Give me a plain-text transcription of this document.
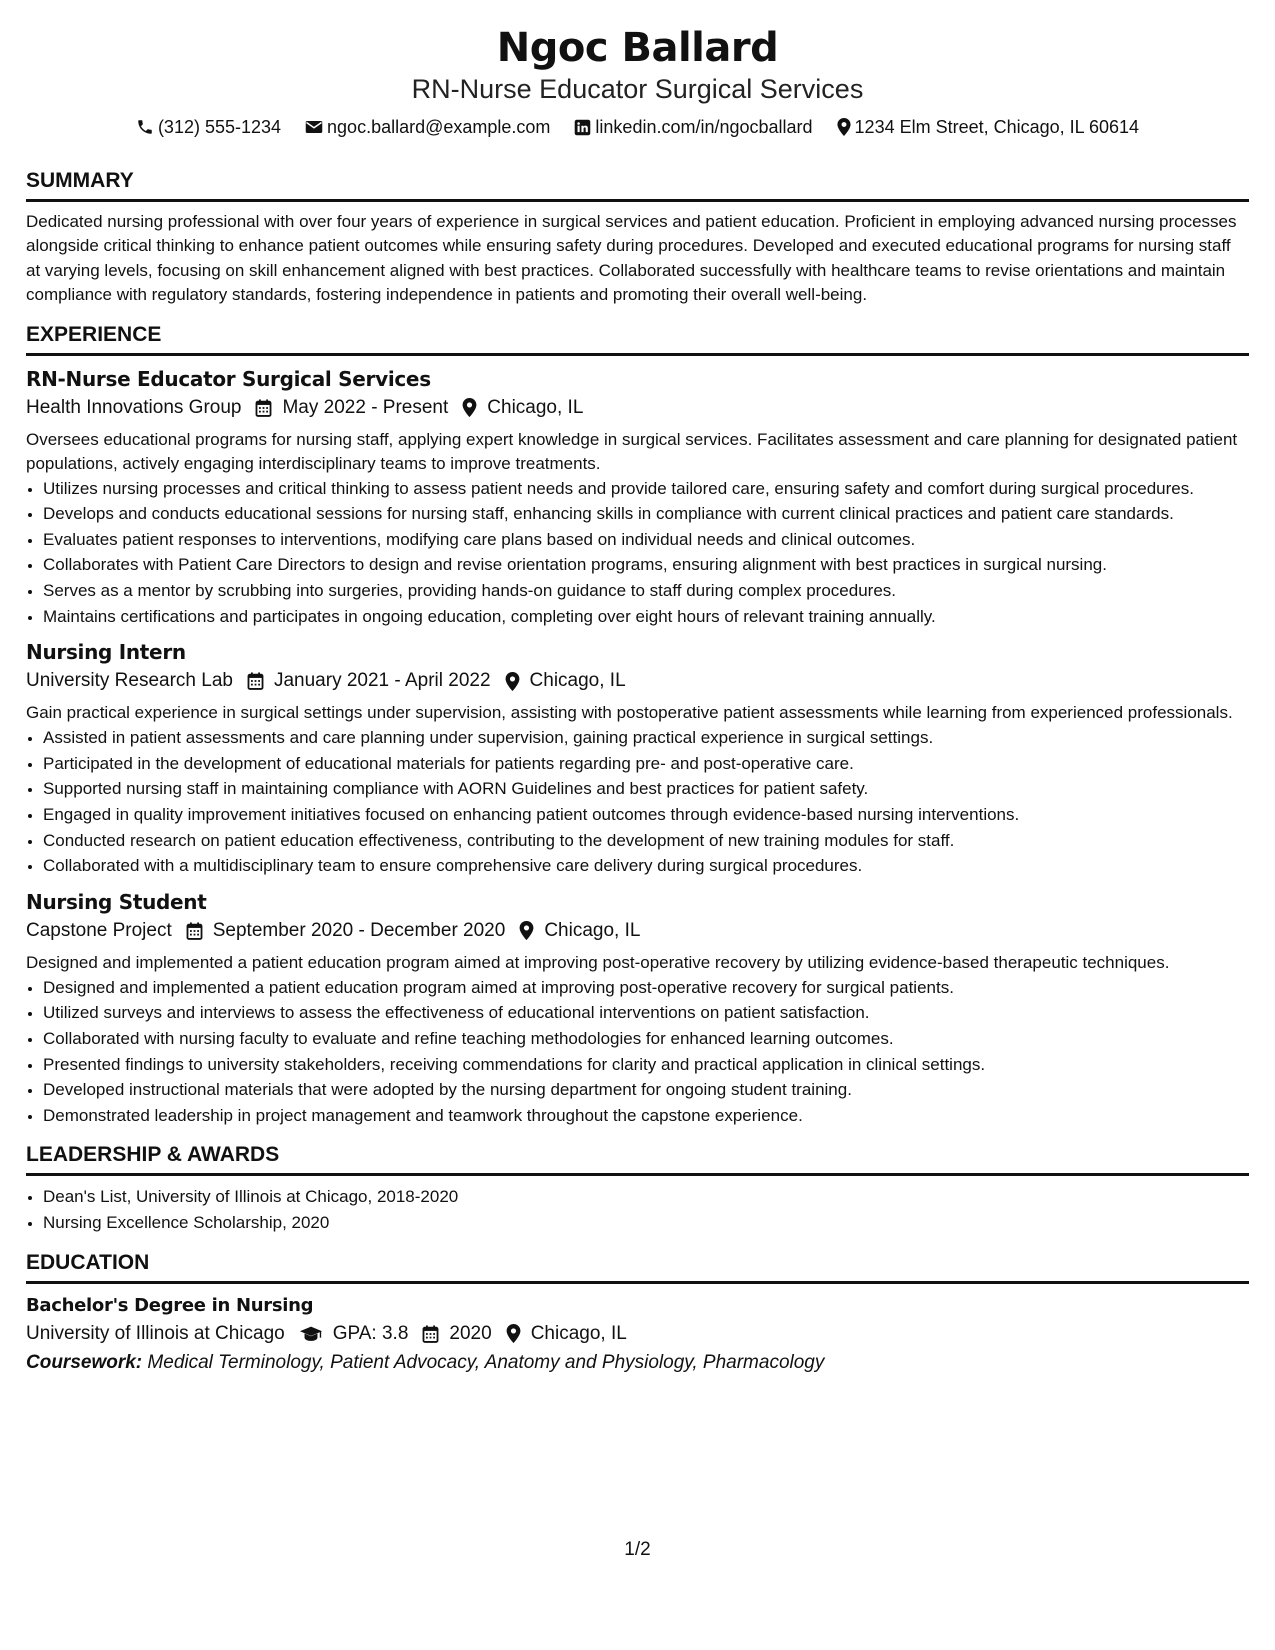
Ngoc Ballard
RN-Nurse Educator Surgical Services
(312) 555-1234	ngoc.ballard@example.com	linkedin.com/in/ngocballard 1234 Elm Street, Chicago, IL 60614
SUMMARY
Dedicated nursing professional with over four years of experience in surgical services and patient education. Proficient in employing advanced nursing processes alongside critical thinking to enhance patient outcomes while ensuring safety during procedures. Developed and executed educational programs for nursing staff at varying levels, focusing on skill enhancement aligned with best practices. Collaborated successfully with healthcare teams to revise orientations and maintain compliance with regulatory standards, fostering independence in patients and promoting their overall well-being.
EXPERIENCE
RN-Nurse Educator Surgical Services
Health Innovations Group May 2022 - Present Chicago, IL
Oversees educational programs for nursing staff, applying expert knowledge in surgical services. Facilitates assessment and care planning for designated patient populations, actively engaging interdisciplinary teams to improve treatments.
• Utilizes nursing processes and critical thinking to assess patient needs and provide tailored care, ensuring safety and comfort during surgical procedures.
• Develops and conducts educational sessions for nursing staff, enhancing skills in compliance with current clinical practices and patient care standards.
• Evaluates patient responses to interventions, modifying care plans based on individual needs and clinical outcomes.
• Collaborates with Patient Care Directors to design and revise orientation programs, ensuring alignment with best practices in surgical nursing.
• Serves as a mentor by scrubbing into surgeries, providing hands-on guidance to staff during complex procedures.
• Maintains certifications and participates in ongoing education, completing over eight hours of relevant training annually.
Nursing Intern
University Research Lab January 2021 - April 2022 Chicago, IL
Gain practical experience in surgical settings under supervision, assisting with postoperative patient assessments while learning from experienced professionals.
• Assisted in patient assessments and care planning under supervision, gaining practical experience in surgical settings.
• Participated in the development of educational materials for patients regarding pre- and post-operative care.
• Supported nursing staff in maintaining compliance with AORN Guidelines and best practices for patient safety.
• Engaged in quality improvement initiatives focused on enhancing patient outcomes through evidence-based nursing interventions.
• Conducted research on patient education effectiveness, contributing to the development of new training modules for staff.
• Collaborated with a multidisciplinary team to ensure comprehensive care delivery during surgical procedures.
Nursing Student
Capstone Project September 2020 - December 2020 Chicago, IL
Designed and implemented a patient education program aimed at improving post-operative recovery by utilizing evidence-based therapeutic techniques.
• Designed and implemented a patient education program aimed at improving post-operative recovery for surgical patients.
• Utilized surveys and interviews to assess the effectiveness of educational interventions on patient satisfaction.
• Collaborated with nursing faculty to evaluate and refine teaching methodologies for enhanced learning outcomes.
• Presented findings to university stakeholders, receiving commendations for clarity and practical application in clinical settings.
• Developed instructional materials that were adopted by the nursing department for ongoing student training.
• Demonstrated leadership in project management and teamwork throughout the capstone experience.
LEADERSHIP & AWARDS
• Dean's List, University of Illinois at Chicago, 2018-2020
• Nursing Excellence Scholarship, 2020
EDUCATION
Bachelor's Degree in Nursing
University of Illinois at Chicago	GPA: 3.8 2020 Chicago, IL
Coursework: Medical Terminology, Patient Advocacy, Anatomy and Physiology, Pharmacology
1/2
